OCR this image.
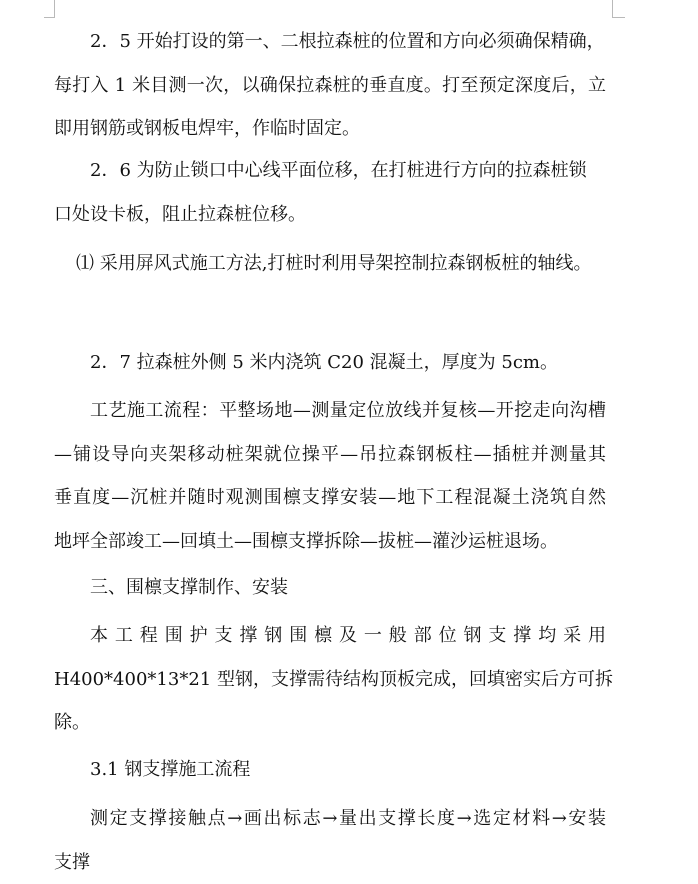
2．5 开始打设的第一、二根拉森桩的位置和方向必须确保精确，
每打入 1 米目测一次，以确保拉森桩的垂直度。打至预定深度后，立
即用钢筋或钢板电焊牢，作临时固定。
2．6 为防止锁口中心线平面位移，在打桩进行方向的拉森桩锁
口处设卡板，阻止拉森桩位移。
⑴ 采用屏风式施工方法,打桩时利用导架控制拉森钢板桩的轴线。
2．7 拉森桩外侧 5 米内浇筑 C20 混凝土，厚度为 5cm。
工艺施工流程：平整场地—测量定位放线并复核—开挖走向沟槽
—铺设导向夹架移动桩架就位操平—吊拉森钢板柱—插桩并测量其
垂直度—沉桩并随时观测围檩支撑安装—地下工程混凝土浇筑自然
地坪全部竣工—回填土—围檩支撑拆除—拔桩—灌沙运桩退场。
三、围檩支撑制作、安装
本工程围护支撑钢围檩及一般部位钢支撑均采用
H400*400*13*21 型钢，支撑需待结构顶板完成，回填密实后方可拆
除。
3.1 钢支撑施工流程
测定支撑接触点→画出标志→量出支撑长度→选定材料→安装
支撑
